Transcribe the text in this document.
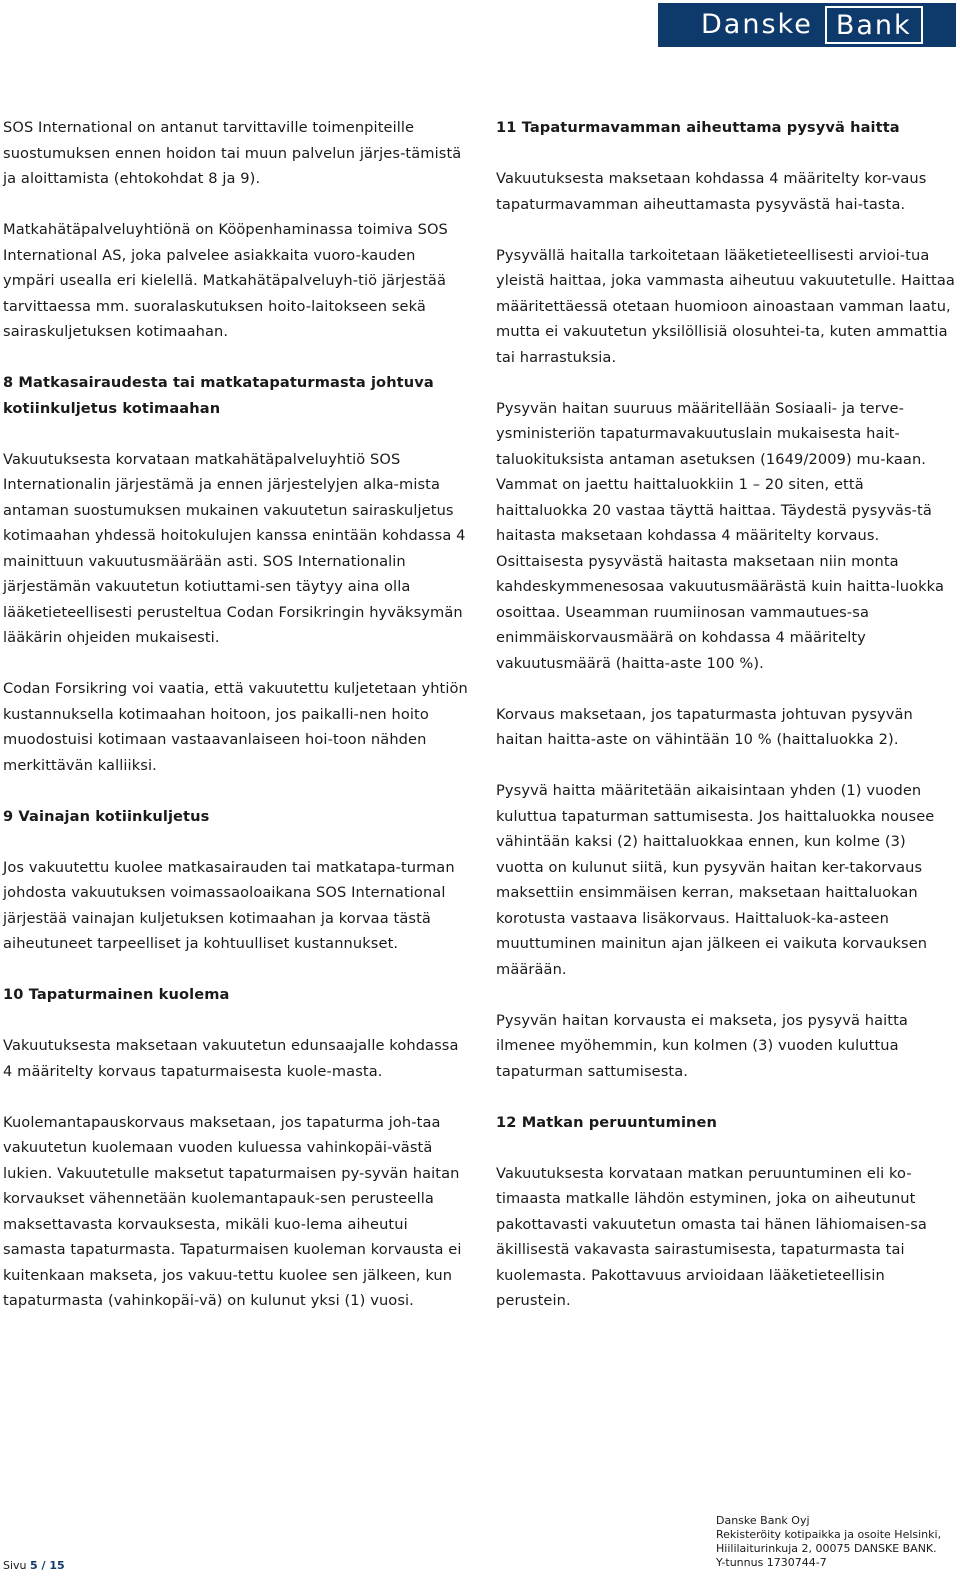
Danske Bank

SOS International on antanut tarvittaville toimenpiteille suostumuksen ennen hoidon tai muun palvelun järjes-tämistä ja aloittamista (ehtokohdat 8 ja 9).

Matkahätäpalveluyhtiönä on Kööpenhaminassa toimiva SOS International AS, joka palvelee asiakkaita vuoro-kauden ympäri usealla eri kielellä. Matkahätäpalveluyh-tiö järjestää tarvittaessa mm. suoralaskutuksen hoito-laitokseen sekä sairaskuljetuksen kotimaahan.

8 Matkasairaudesta tai matkatapaturmasta johtuva kotiinkuljetus kotimaahan

Vakuutuksesta korvataan matkahätäpalveluyhtiö SOS Internationalin järjestämä ja ennen järjestelyjen alka-mista antaman suostumuksen mukainen vakuutetun sairaskuljetus kotimaahan yhdessä hoitokulujen kanssa enintään kohdassa 4 mainittuun vakuutusmäärään asti. SOS Internationalin järjestämän vakuutetun kotiuttami-sen täytyy aina olla lääketieteellisesti perusteltua Codan Forsikringin hyväksymän lääkärin ohjeiden mukaisesti.

Codan Forsikring voi vaatia, että vakuutettu kuljetetaan yhtiön kustannuksella kotimaahan hoitoon, jos paikalli-nen hoito muodostuisi kotimaan vastaavanlaiseen hoi-toon nähden merkittävän kalliiksi.

9 Vainajan kotiinkuljetus

Jos vakuutettu kuolee matkasairauden tai matkatapa-turman johdosta vakuutuksen voimassaoloaikana SOS International järjestää vainajan kuljetuksen kotimaahan ja korvaa tästä aiheutuneet tarpeelliset ja kohtuulliset kustannukset.

10 Tapaturmainen kuolema

Vakuutuksesta maksetaan vakuutetun edunsaajalle kohdassa 4 määritelty korvaus tapaturmaisesta kuole-masta.

Kuolemantapauskorvaus maksetaan, jos tapaturma joh-taa vakuutetun kuolemaan vuoden kuluessa vahinkopäi-västä lukien. Vakuutetulle maksetut tapaturmaisen py-syvän haitan korvaukset vähennetään kuolemantapauk-sen perusteella maksettavasta korvauksesta, mikäli kuo-lema aiheutui samasta tapaturmasta. Tapaturmaisen kuoleman korvausta ei kuitenkaan makseta, jos vakuu-tettu kuolee sen jälkeen, kun tapaturmasta (vahinkopäi-vä) on kulunut yksi (1) vuosi.

11 Tapaturmavamman aiheuttama pysyvä haitta

Vakuutuksesta maksetaan kohdassa 4 määritelty kor-vaus tapaturmavamman aiheuttamasta pysyvästä hai-tasta.

Pysyvällä haitalla tarkoitetaan lääketieteellisesti arvioi-tua yleistä haittaa, joka vammasta aiheutuu vakuutetulle. Haittaa määritettäessä otetaan huomioon ainoastaan vamman laatu, mutta ei vakuutetun yksilöllisiä olosuhtei-ta, kuten ammattia tai harrastuksia.

Pysyvän haitan suuruus määritellään Sosiaali- ja terve-ysministeriön tapaturmavakuutuslain mukaisesta hait-taluokituksista antaman asetuksen (1649/2009) mu-kaan. Vammat on jaettu haittaluokkiin 1 – 20 siten, että haittaluokka 20 vastaa täyttä haittaa. Täydestä pysyväs-tä haitasta maksetaan kohdassa 4 määritelty korvaus. Osittaisesta pysyvästä haitasta maksetaan niin monta kahdeskymmenesosaa vakuutusmäärästä kuin haitta-luokka osoittaa. Useamman ruumiinosan vammautues-sa enimmäiskorvausmäärä on kohdassa 4 määritelty vakuutusmäärä (haitta-aste 100 %).

Korvaus maksetaan, jos tapaturmasta johtuvan pysyvän haitan haitta-aste on vähintään 10 % (haittaluokka 2).

Pysyvä haitta määritetään aikaisintaan yhden (1) vuoden kuluttua tapaturman sattumisesta. Jos haittaluokka nousee vähintään kaksi (2) haittaluokkaa ennen, kun kolme (3) vuotta on kulunut siitä, kun pysyvän haitan ker-takorvaus maksettiin ensimmäisen kerran, maksetaan haittaluokan korotusta vastaava lisäkorvaus. Haittaluok-ka-asteen muuttuminen mainitun ajan jälkeen ei vaikuta korvauksen määrään.

Pysyvän haitan korvausta ei makseta, jos pysyvä haitta ilmenee myöhemmin, kun kolmen (3) vuoden kuluttua tapaturman sattumisesta.

12 Matkan peruuntuminen

Vakuutuksesta korvataan matkan peruuntuminen eli ko-timaasta matkalle lähdön estyminen, joka on aiheutunut pakottavasti vakuutetun omasta tai hänen lähiomaisen-sa äkillisestä vakavasta sairastumisesta, tapaturmasta tai kuolemasta. Pakottavuus arvioidaan lääketieteellisin perustein.

Sivu 5 / 15
Danske Bank Oyj
Rekisteröity kotipaikka ja osoite Helsinki,
Hiililaiturinkuja 2, 00075 DANSKE BANK.
Y-tunnus 1730744-7
